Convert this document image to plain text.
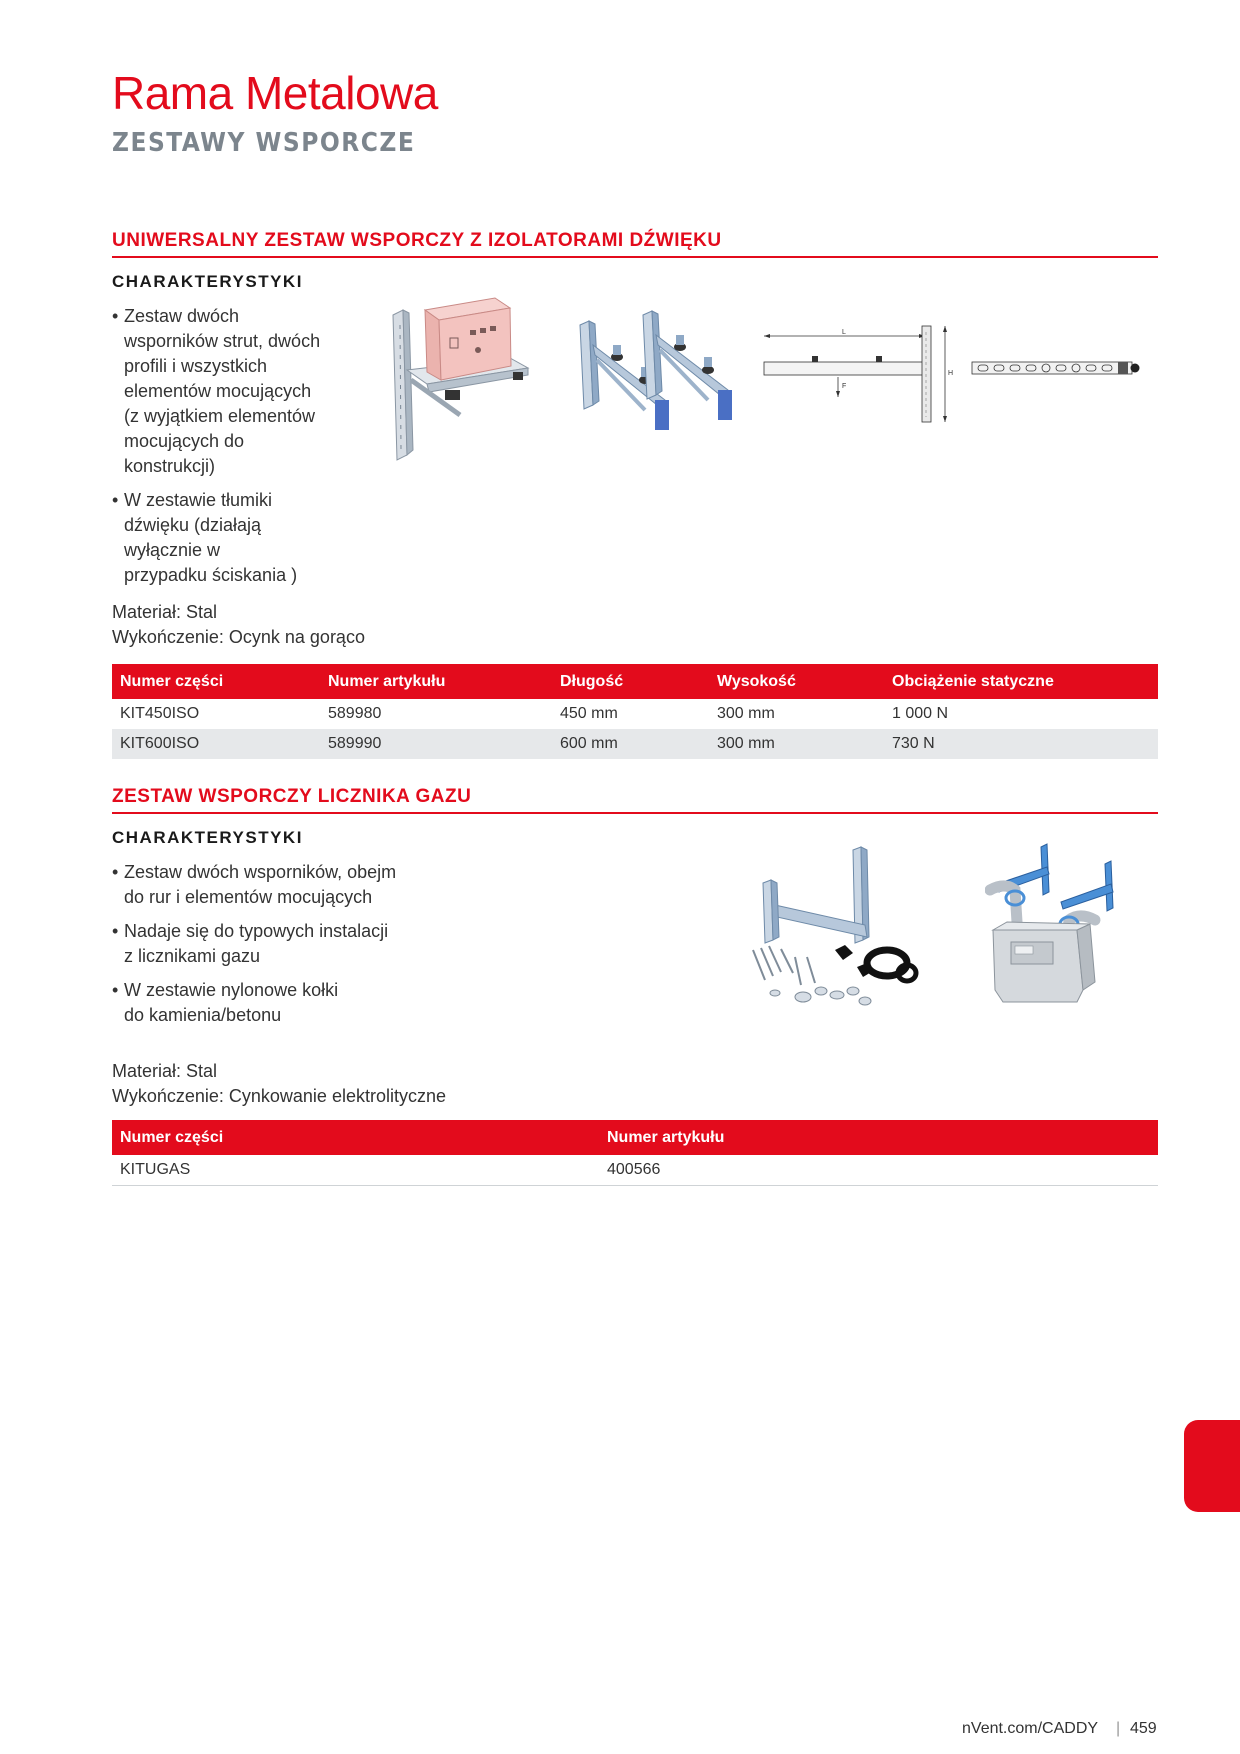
Rama Metalowa
ZESTAWY WSPORCZE
UNIWERSALNY ZESTAW WSPORCZY Z IZOLATORAMI DŹWIĘKU
CHARAKTERYSTYKI
• Zestaw dwóch
wsporników strut, dwóch
profili i wszystkich
elementów mocujących
(z wyjątkiem elementów
mocujących do
konstrukcji)
• W zestawie tłumiki
dźwięku (działają
wyłącznie w
przypadku ściskania )
Materiał: Stal
Wykończenie: Ocynk na gorąco
L
F
H
Numer części	Numer artykułu	Długość	Wysokość	Obciążenie statyczne
KIT450ISO	589980	450 mm	300 mm	1 000 N
KIT600ISO	589990	600 mm	300 mm	730 N
ZESTAW WSPORCZY LICZNIKA GAZU
CHARAKTERYSTYKI
• Zestaw dwóch wsporników, obejm
do rur i elementów mocujących
• Nadaje się do typowych instalacji
z licznikami gazu
• W zestawie nylonowe kołki
do kamienia/betonu
Materiał: Stal
Wykończenie: Cynkowanie elektrolityczne
Numer części	Numer artykułu
KITUGAS	400566
nVent.com/CADDY | 459
